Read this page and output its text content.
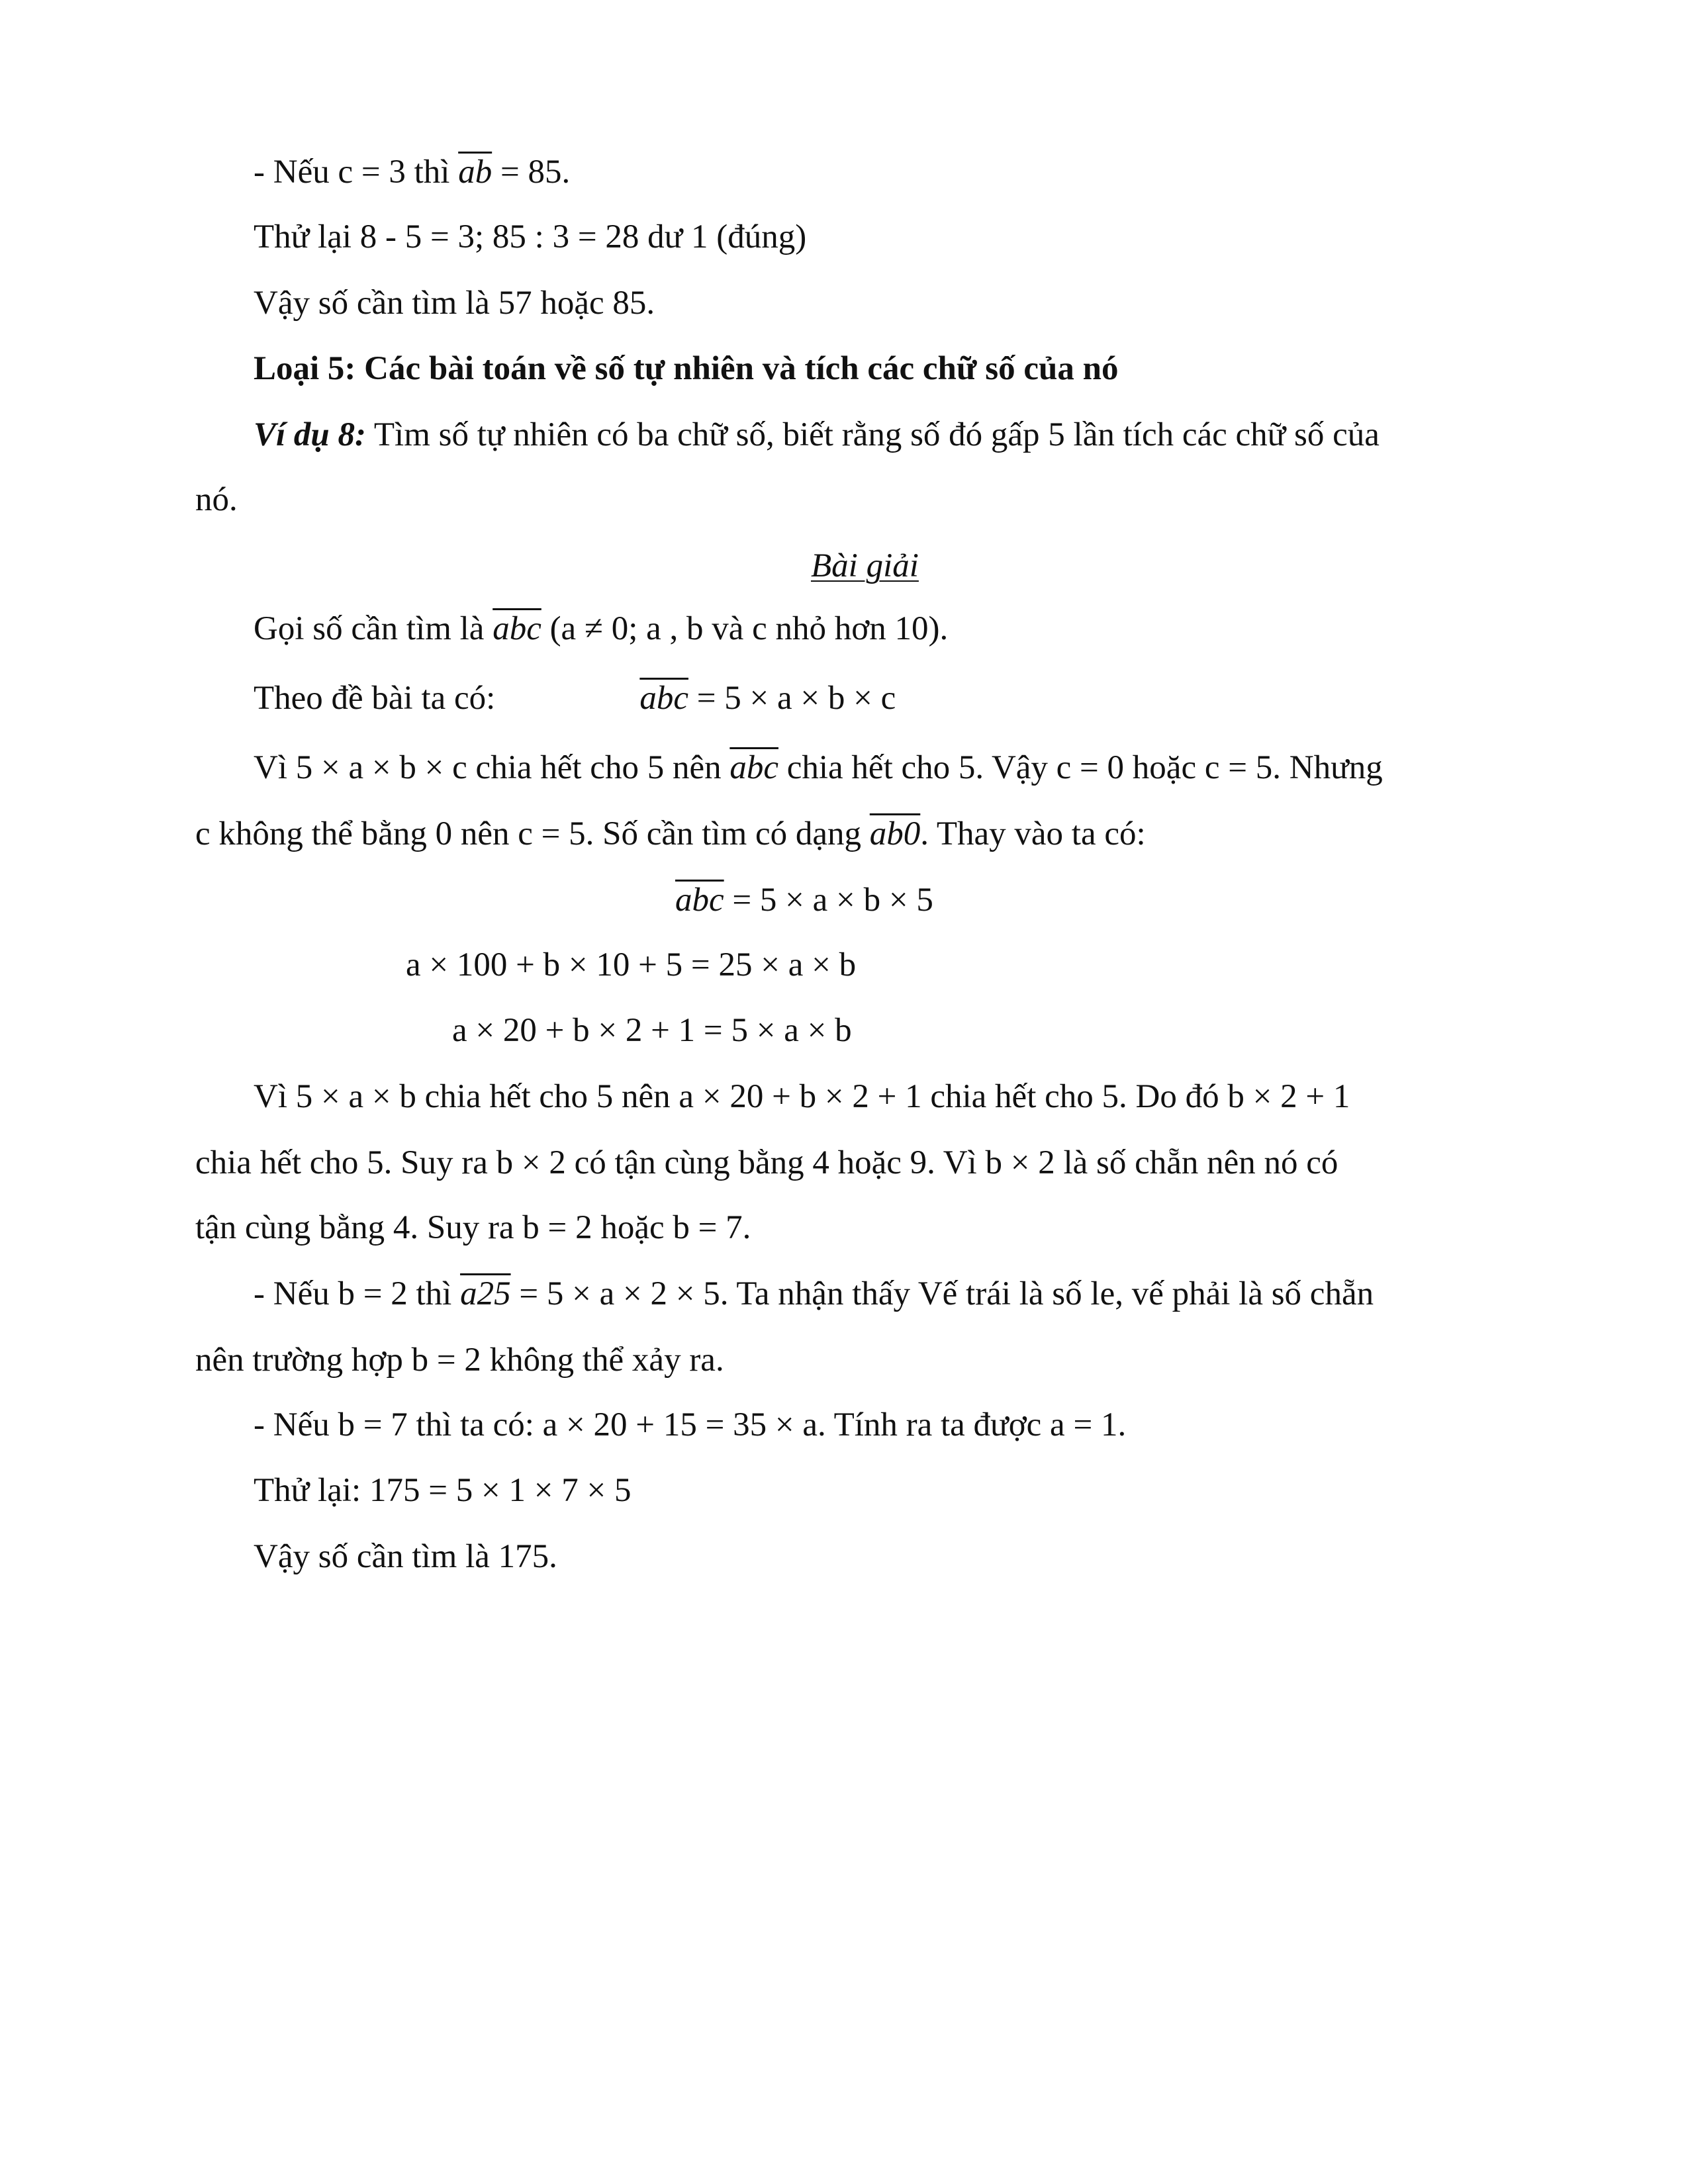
- Nếu c = 3 thì $\overline{ab} = 85$.
Thử lại 8 - 5 = 3; 85 : 3 = 28 dư 1 (đúng)
Vậy số cần tìm là 57 hoặc 85.
Loại 5: Các bài toán về số tự nhiên và tích các chữ số của nó
Ví dụ 8: Tìm số tự nhiên có ba chữ số, biết rằng số đó gấp 5 lần tích các chữ số của
nó.
Bài giải
Gọi số cần tìm là $\overline{abc}$ (a ≠ 0; a , b và c nhỏ hơn 10).
Theo đề bài ta có:	$\overline{abc} = 5 \times a \times b \times c$
Vì 5 × a × b × c chia hết cho 5 nên $\overline{abc}$ chia hết cho 5. Vậy c = 0 hoặc c = 5. Nhưng
c không thể bằng 0 nên c = 5. Số cần tìm có dạng ab0. Thay vào ta có:
$\overline{abc} = 5 \times a \times b \times 5$
a × 100 + b × 10 + 5 = 25 × a × b
a × 20 + b × 2 + 1 = 5 × a × b
Vì 5 × a × b chia hết cho 5 nên a × 20 + b × 2 + 1 chia hết cho 5. Do đó b × 2 + 1
chia hết cho 5. Suy ra b × 2 có tận cùng bằng 4 hoặc 9. Vì b × 2 là số chẵn nên nó có
tận cùng bằng 4. Suy ra b = 2 hoặc b = 7.
- Nếu b = 2 thì a25 = 5 × a × 2 × 5. Ta nhận thấy Vế trái là số le, vế phải là số chẵn
nên trường hợp b = 2 không thể xảy ra.
- Nếu b = 7 thì ta có: a × 20 + 15 = 35 × a. Tính ra ta được a = 1.
Thử lại: 175 = 5 × 1 × 7 × 5
Vậy số cần tìm là 175.
